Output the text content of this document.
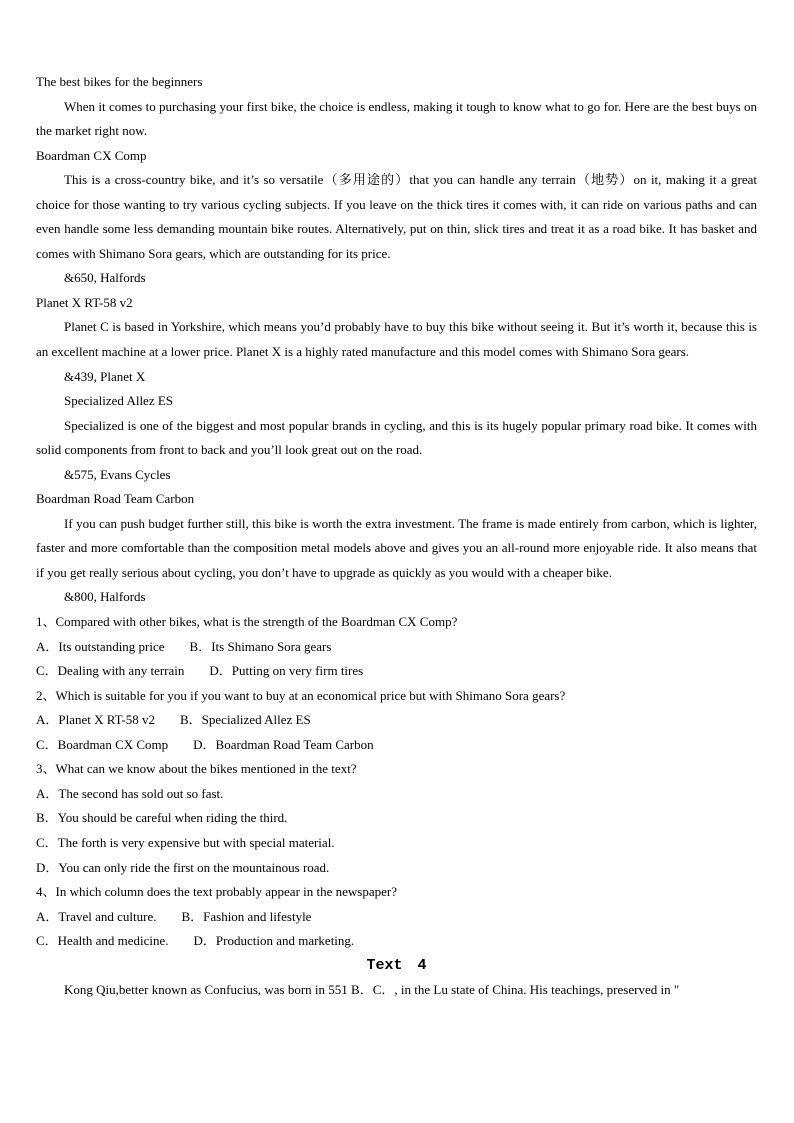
The best bikes for the beginners
When it comes to purchasing your first bike, the choice is endless, making it tough to know what to go for. Here are the best buys on the market right now.
Boardman CX Comp
This is a cross-country bike, and it’s so versatile（多用途的）that you can handle any terrain（地势）on it, making it a great choice for those wanting to try various cycling subjects. If you leave on the thick tires it comes with, it can ride on various paths and can even handle some less demanding mountain bike routes. Alternatively, put on thin, slick tires and treat it as a road bike. It has basket and comes with Shimano Sora gears, which are outstanding for its price.
&650, Halfords
Planet X RT-58 v2
Planet C is based in Yorkshire, which means you’d probably have to buy this bike without seeing it. But it’s worth it, because this is an excellent machine at a lower price. Planet X is a highly rated manufacture and this model comes with Shimano Sora gears.
&439, Planet X
Specialized Allez ES
Specialized is one of the biggest and most popular brands in cycling, and this is its hugely popular primary road bike. It comes with solid components from front to back and you’ll look great out on the road.
&575, Evans Cycles
Boardman Road Team Carbon
If you can push budget further still, this bike is worth the extra investment. The frame is made entirely from carbon, which is lighter, faster and more comfortable than the composition metal models above and gives you an all-round more enjoyable ride. It also means that if you get really serious about cycling, you don’t have to upgrade as quickly as you would with a cheaper bike.
&800, Halfords
1、Compared with other bikes, what is the strength of the Boardman CX Comp?
A．Its outstanding price B．Its Shimano Sora gears
C．Dealing with any terrain D．Putting on very firm tires
2、Which is suitable for you if you want to buy at an economical price but with Shimano Sora gears?
A．Planet X RT-58 v2 B．Specialized Allez ES
C．Boardman CX Comp D．Boardman Road Team Carbon
3、What can we know about the bikes mentioned in the text?
A．The second has sold out so fast.
B．You should be careful when riding the third.
C．The forth is very expensive but with special material.
D．You can only ride the first on the mountainous road.
4、In which column does the text probably appear in the newspaper?
A．Travel and culture. B．Fashion and lifestyle
C．Health and medicine. D．Production and marketing.
Text 4
Kong Qiu,better known as Confucius, was born in 551 B．C．, in the Lu state of China. His teachings, preserved in "
